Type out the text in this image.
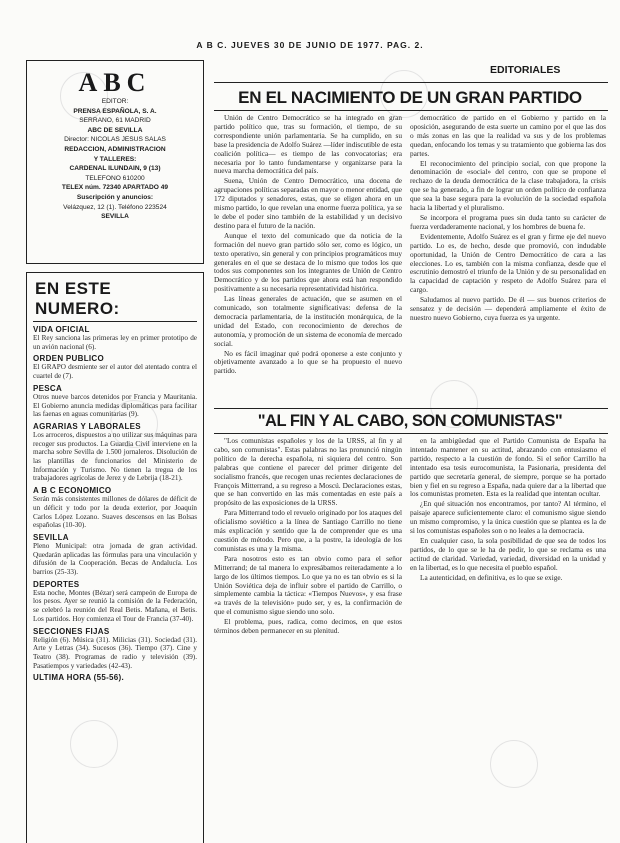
A B C. JUEVES 30 DE JUNIO DE 1977. PAG. 2.
ABC
EDITOR:
PRENSA ESPAÑOLA, S. A.
SERRANO, 61 MADRID
ABC DE SEVILLA
Director: NICOLAS JESUS SALAS
REDACCION, ADMINISTRACION
Y TALLERES:
CARDENAL ILUNDAIN, 9 (13)
TELEFONO 610200
TELEX núm. 72340 APARTADO 49
Suscripción y anuncios:
Velázquez, 12 (1). Teléfono 223524
SEVILLA
EN ESTE NUMERO:
VIDA OFICIAL
El Rey sanciona las primeras ley en primer prototipo de un avión nacional (6).
ORDEN PUBLICO
El GRAPO desmiente ser el autor del atentado contra el cuartel de (7).
PESCA
Otros nueve barcos detenidos por Francia y Mauritania. El Gobierno anuncia medidas diplomáticas para facilitar las faenas en aguas comunitarias (9).
AGRARIAS Y LABORALES
Los arroceros, dispuestos a no utilizar sus máquinas para recoger sus productos. La Guardia Civil interviene en la marcha sobre Sevilla de 1.500 jornaleros. Disolución de las plantillas de funcionarios del Ministerio de Información y Turismo. No tienen la tregua de los trabajadores agrícolas de Jerez y de Lebrija (18-21).
A B C ECONOMICO
Serán más consistentes millones de dólares de déficit de un déficit y todo por la deuda exterior, por Joaquín Carlos López Lozano. Suaves descensos en las Bolsas españolas (10-30).
SEVILLA
Pleno Municipal: otra jornada de gran actividad. Quedarán aplicadas las fórmulas para una vinculación y difusión de la Cooperación. Becas de Andalucía. Los barrios (25-33).
DEPORTES
Esta noche, Montes (Bézar) será campeón de Europa de los pesos. Ayer se reunió la comisión de la Federación, se celebró la reunión del Real Betis. Mañana, el Betis. Los partidos. Hoy comienza el Tour de Francia (37-40).
SECCIONES FIJAS
Religión (6). Música (31). Milicias (31). Sociedad (31). Arte y Letras (34). Sucesos (36). Tiempo (37). Cine y Teatro (38). Programas de radio y televisión (39). Pasatiempos y variedades (42-43).
ULTIMA HORA (55-56).
EDITORIALES
EN EL NACIMIENTO DE UN GRAN PARTIDO

Unión de Centro Democrático se ha integrado en gran partido político que, tras su formación, el tiempo, de su correspondiente unión parlamentaria. Se ha cumplido, en su base la presidencia de Adolfo Suárez —líder indiscutible de esta coalición política— es tiempo de las convocatorias; era necesaria por lo tanto fundamentarse y organizarse para la nueva marcha democrática del país.

Suena, Unión de Centro Democrático, una docena de agrupaciones políticas separadas en mayor o menor entidad, que 172 diputados y senadores, estas, que se eligen ahora en un mismo partido, lo que revelan una enorme fuerza política, ya se le debe el poder sino también de la estabilidad y un decisivo destino para el futuro de la nación.

Aunque el texto del comunicado que da noticia de la formación del nuevo gran partido sólo ser, como es lógico, un texto operativo, sin general y con principios programáticos muy generales en el que se destaca de lo mismo que todos los que todos sus componentes son los integrantes de Unión de Centro Democrático y de los partidos que ahora está han respondido positivamente a su necesaria representatividad histórica.

Las líneas generales de actuación, que se asumen en el comunicado, son totalmente significativas: defensa de la democracia parlamentaria, de la institución monárquica, de la unidad del Estado, con reconocimiento de derechos de autonomía, y promoción de un sistema de economía de mercado social.

No es fácil imaginar qué podrá oponerse a este conjunto y objetivamente avanzado a lo que se ha propuesto el nuevo partido.

democrático de partido en el Gobierno y partido en la oposición, asegurando de esta suerte un camino por el que las dos o más zonas en las que la realidad va sus y de los problemas quedan, enfocando los temas y su tratamiento que gobierna las dos partes.

El reconocimiento del principio social, con que propone la denominación de «social» del centro, con que se propone el rechazo de la deuda democrática de la clase trabajadora, la crisis que se ha generado, a fin de lograr un orden político de confianza que sea la base segura para la evolución de la sociedad española hacia la libertad y el pluralismo.

Se incorpora el programa pues sin duda tanto su carácter de fuerza verdaderamente nacional, y los hombres de buena fe.

Evidentemente, Adolfo Suárez es el gran y firme eje del nuevo partido. Lo es, de hecho, desde que promovió, con indudable oportunidad, la Unión de Centro Democrático de cara a las elecciones. Lo es, también con la misma confianza, desde que el escrutinio demostró el triunfo de la Unión y de su personalidad en la capacidad de captación y respeto de Adolfo Suárez para el cargo.

Saludamos al nuevo partido. De él — sus buenos criterios de sensatez y de decisión — dependerá ampliamente el éxito de nuestro nuevo Gobierno, cuya fuerza es ya urgente.

"AL FIN Y AL CABO, SON COMUNISTAS"

"Los comunistas españoles y los de la URSS, al fin y al cabo, son comunistas". Estas palabras no las pronunció ningún político de la derecha española, ni siquiera del centro. Son palabras que contiene el parecer del primer dirigente del socialismo francés, que recogen unas recientes declaraciones de François Mitterrand, a su regreso a Moscú. Declaraciones estas, que se han convertido en las más comentadas en este país a propósito de las exposiciones de la URSS.

Para Mitterrand todo el revuelo originado por los ataques del oficialismo soviético a la línea de Santiago Carrillo no tiene más explicación y sentido que la de comprender que es una cuestión de método. Pero que, a la postre, la ideología de los comunistas es una y la misma.

Para nosotros esto es tan obvio como para el señor Mitterrand; de tal manera lo expresábamos reiteradamente a lo largo de los últimos tiempos. Lo que ya no es tan obvio es si la Unión Soviética deja de influir sobre el partido de Carrillo, o simplemente cambia la táctica: «Tiempos Nuevos», y esa frase «a través de la televisión» pudo ser, y es, la confirmación de que el comunismo sigue siendo uno solo.

El problema, pues, radica, como decimos, en que estos términos deben permanecer en su plenitud.

en la ambigüedad que el Partido Comunista de España ha intentado mantener en su actitud, abrazando con entusiasmo el partido, respecto a la cuestión de fondo. Si el señor Carrillo ha intentado esa tesis eurocomunista, la Pasionaria, presidenta del partido que secretaría general, de siempre, porque se ha portado bien y fiel en su regreso a España, nada quiere dar a la libertad que los comunistas prometen. Esta es la realidad que intentan ocultar.

¿En qué situación nos encontramos, por tanto? Al término, el paisaje aparece suficientemente claro: el comunismo sigue siendo un mismo compromiso, y la única cuestión que se plantea es la de si los comunistas españoles son o no leales a la democracia.

En cualquier caso, la sola posibilidad de que sea de todos los partidos, de lo que se le ha de pedir, lo que se reclama es una actitud de claridad. Variedad, variedad, diversidad en la unidad y en la libertad, es lo que necesita el pueblo español.

La autenticidad, en definitiva, es lo que se exige.
